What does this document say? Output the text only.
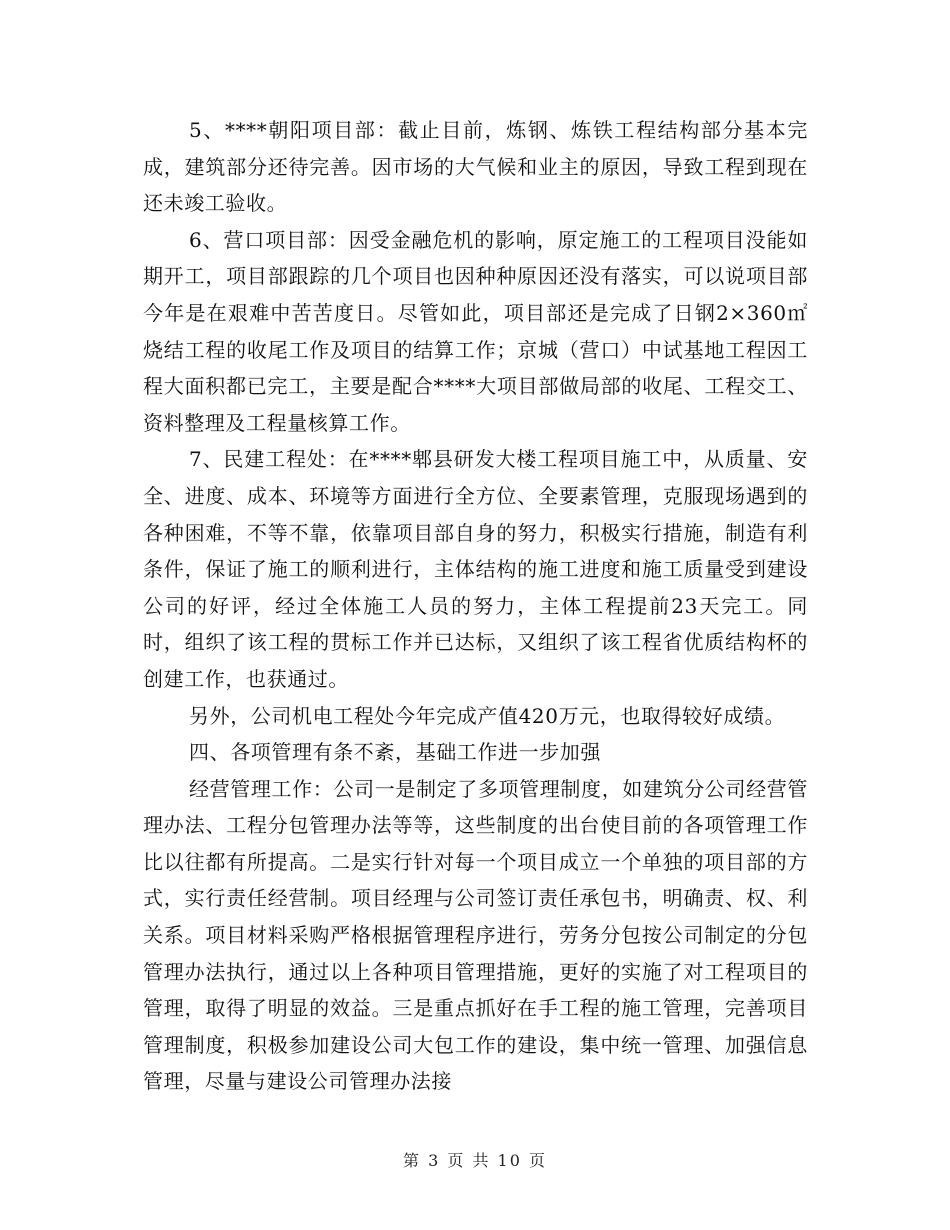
5、****朝阳项目部：截止目前，炼钢、炼铁工程结构部分基本完成，建筑部分还待完善。因市场的大气候和业主的原因，导致工程到现在还未竣工验收。

6、营口项目部：因受金融危机的影响，原定施工的工程项目没能如期开工，项目部跟踪的几个项目也因种种原因还没有落实，可以说项目部今年是在艰难中苦苦度日。尽管如此，项目部还是完成了日钢2×360㎡烧结工程的收尾工作及项目的结算工作；京城（营口）中试基地工程因工程大面积都已完工，主要是配合****大项目部做局部的收尾、工程交工、资料整理及工程量核算工作。

7、民建工程处：在****郫县研发大楼工程项目施工中，从质量、安全、进度、成本、环境等方面进行全方位、全要素管理，克服现场遇到的各种困难，不等不靠，依靠项目部自身的努力，积极实行措施，制造有利条件，保证了施工的顺利进行，主体结构的施工进度和施工质量受到建设公司的好评，经过全体施工人员的努力，主体工程提前23天完工。同时，组织了该工程的贯标工作并已达标，又组织了该工程省优质结构杯的创建工作，也获通过。

另外，公司机电工程处今年完成产值420万元，也取得较好成绩。

四、各项管理有条不紊，基础工作进一步加强

经营管理工作：公司一是制定了多项管理制度，如建筑分公司经营管理办法、工程分包管理办法等等，这些制度的出台使目前的各项管理工作比以往都有所提高。二是实行针对每一个项目成立一个单独的项目部的方式，实行责任经营制。项目经理与公司签订责任承包书，明确责、权、利关系。项目材料采购严格根据管理程序进行，劳务分包按公司制定的分包管理办法执行，通过以上各种项目管理措施，更好的实施了对工程项目的管理，取得了明显的效益。三是重点抓好在手工程的施工管理，完善项目管理制度，积极参加建设公司大包工作的建设，集中统一管理、加强信息管理，尽量与建设公司管理办法接

第 3 页 共 10 页
